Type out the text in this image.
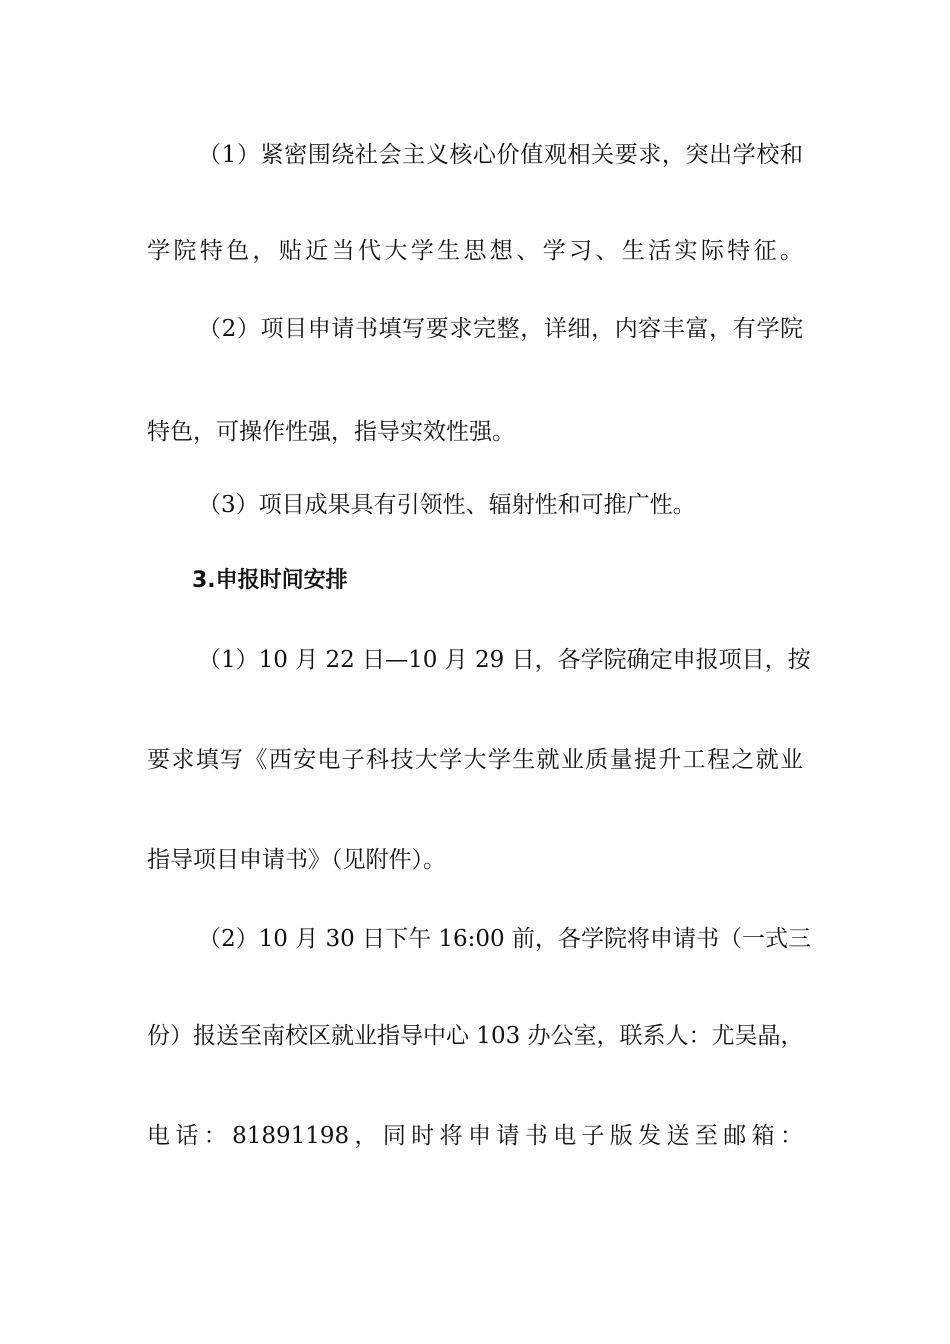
（1）紧密围绕社会主义核心价值观相关要求，突出学校和
学院特色，贴近当代大学生思想、学习、生活实际特征。
（2）项目申请书填写要求完整，详细，内容丰富，有学院
特色，可操作性强，指导实效性强。
（3）项目成果具有引领性、辐射性和可推广性。
3.申报时间安排
（1）10 月 22 日—10 月 29 日，各学院确定申报项目，按
要求填写《西安电子科技大学大学生就业质量提升工程之就业
指导项目申请书》（见附件）。
（2）10 月 30 日下午 16:00 前，各学院将申请书（一式三
份）报送至南校区就业指导中心 103 办公室，联系人：尤吴晶，
电话：81891198，同时将申请书电子版发送至邮箱：
